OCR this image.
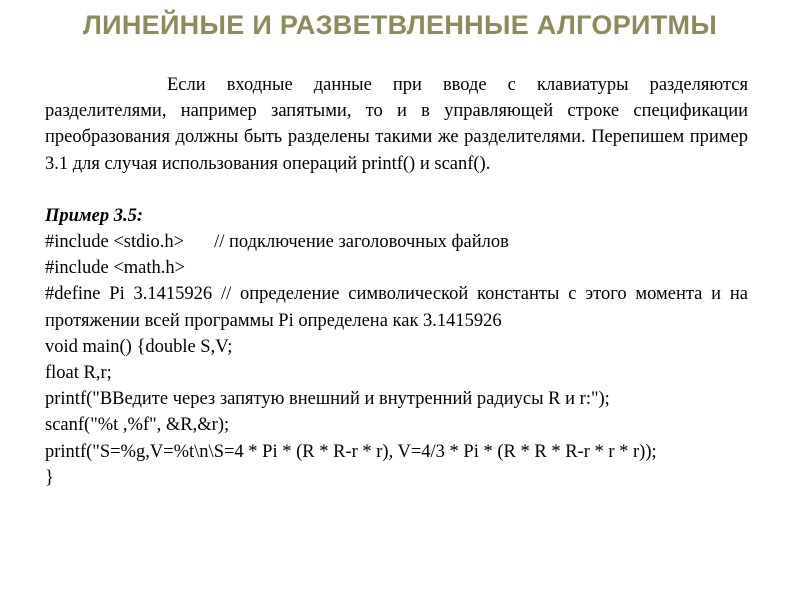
ЛИНЕЙНЫЕ И РАЗВЕТВЛЕННЫЕ АЛГОРИТМЫ

Если входные данные при вводе с клавиатуры разделяются разделителями, например запятыми, то и в управляющей строке спецификации преобразования должны быть разделены такими же разделителями. Перепишем пример 3.1 для случая использования операций printf() и scanf().

Пример 3.5:

#include <stdio.h> // подключение заголовочных файлов

#include <math.h>

#define Pi 3.1415926 // определение символической константы с этого момента и на протяжении всей программы Pi определена как 3.1415926

void main() {double S,V;

float R,r;

printf("ВВедите через запятую внешний и внутренний радиусы R и r:");

scanf("%t ,%f", &R,&r);

printf("S=%g,V=%t\n\S=4 * Pi * (R * R-r * r), V=4/3 * Pi * (R * R * R-r * r * r));

}
